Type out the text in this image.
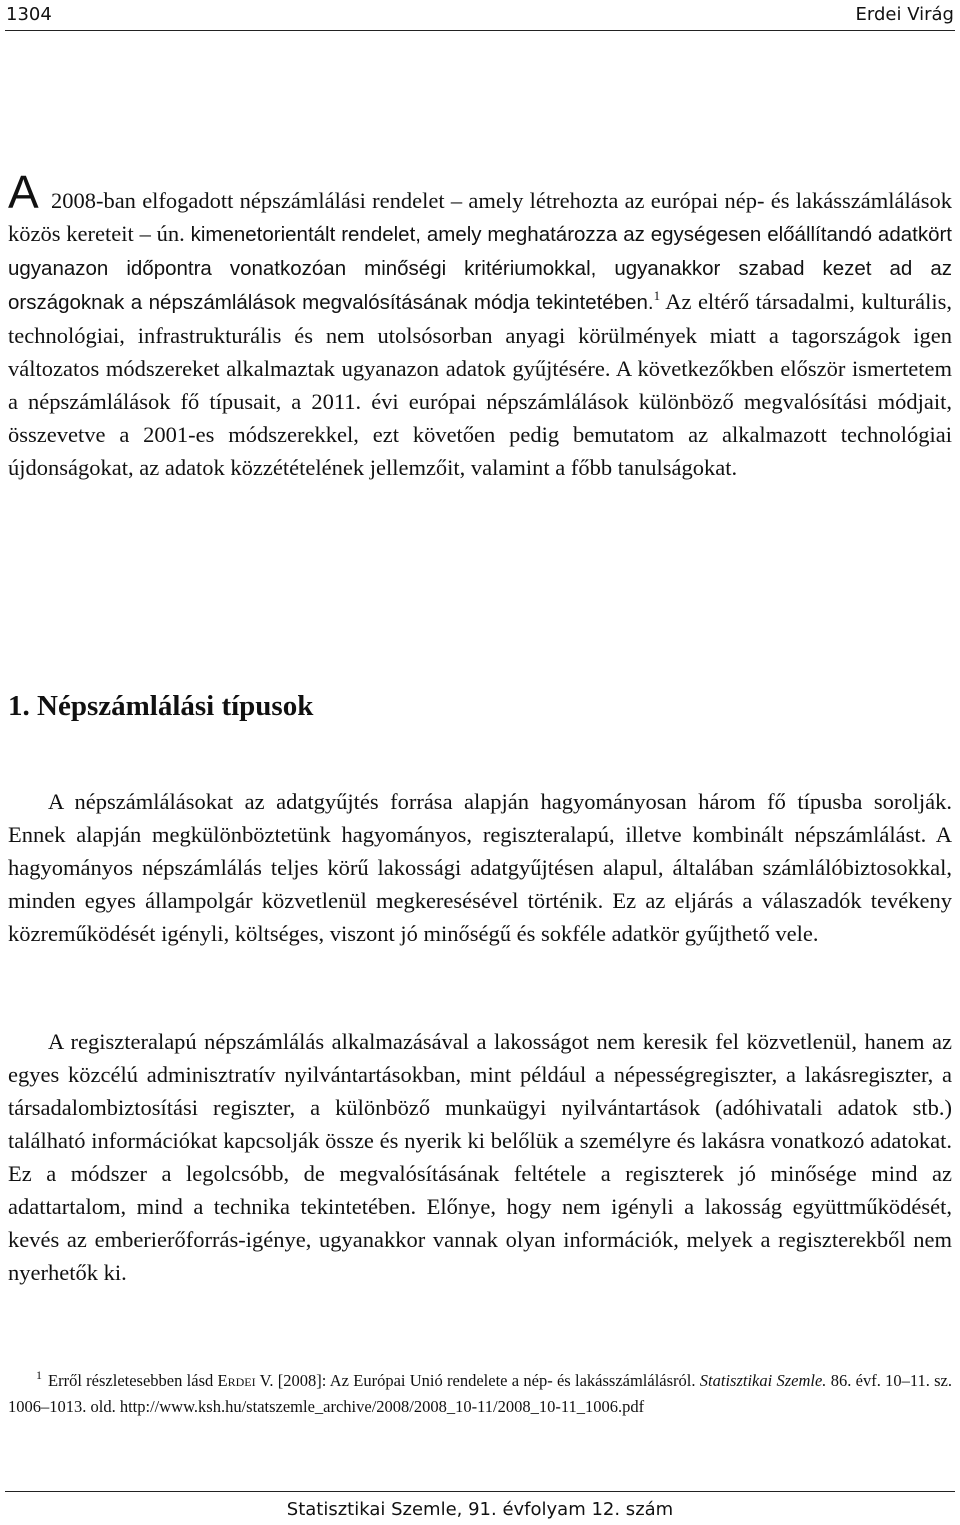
1304	Erdei Virág

A 2008-ban elfogadott népszámlálási rendelet – amely létrehozta az európai nép- és lakásszámlálások közös kereteit – ún. kimenetorientált rendelet, amely meghatározza az egységesen előállítandó adatkört ugyanazon időpontra vonatkozóan minőségi kritériumokkal, ugyanakkor szabad kezet ad az országoknak a népszámlálások megvalósításának módja tekintetében.$^1$ Az eltérő társadalmi, kulturális, technológiai, infrastrukturális és nem utolsósorban anyagi körülmények miatt a tagországok igen változatos módszereket alkalmaztak ugyanazon adatok gyűjtésére. A következőkben először ismertetem a népszámlálások fő típusait, a 2011. évi európai népszámlálások különböző megvalósítási módjait, összevetve a 2001-es módszerekkel, ezt követően pedig bemutatom az alkalmazott technológiai újdonságokat, az adatok közzétételének jellemzőit, valamint a főbb tanulságokat.

1. Népszámlálási típusok

A népszámlálásokat az adatgyűjtés forrása alapján hagyományosan három fő típusba sorolják. Ennek alapján megkülönböztetünk hagyományos, regiszteralapú, illetve kombinált népszámlálást. A hagyományos népszámlálás teljes körű lakossági adatgyűjtésen alapul, általában számlálóbiztosokkal, minden egyes állampolgár közvetlenül megkeresésével történik. Ez az eljárás a válaszadók tevékeny közreműködését igényli, költséges, viszont jó minőségű és sokféle adatkör gyűjthető vele.

A regiszteralapú népszámlálás alkalmazásával a lakosságot nem keresik fel közvetlenül, hanem az egyes közcélú adminisztratív nyilvántartásokban, mint például a népességregiszter, a lakásregiszter, a társadalombiztosítási regiszter, a különböző munkaügyi nyilvántartások (adóhivatali adatok stb.) található információkat kapcsolják össze és nyerik ki belőlük a személyre és lakásra vonatkozó adatokat. Ez a módszer a legolcsóbb, de megvalósításának feltétele a regiszterek jó minősége mind az adattartalom, mind a technika tekintetében. Előnye, hogy nem igényli a lakosság együttműködését, kevés az emberierőforrás-igénye, ugyanakkor vannak olyan információk, melyek a regiszterekből nem nyerhetők ki.

$^1$ Erről részletesebben lásd Erdei V. [2008]: Az Európai Unió rendelete a nép- és lakásszámlálásról. Statisztikai Szemle. 86. évf. 10–11. sz. 1006–1013. old. http://www.ksh.hu/statszemle_archive/2008/2008_10-11/2008_10-11_1006.pdf

Statisztikai Szemle, 91. évfolyam 12. szám
